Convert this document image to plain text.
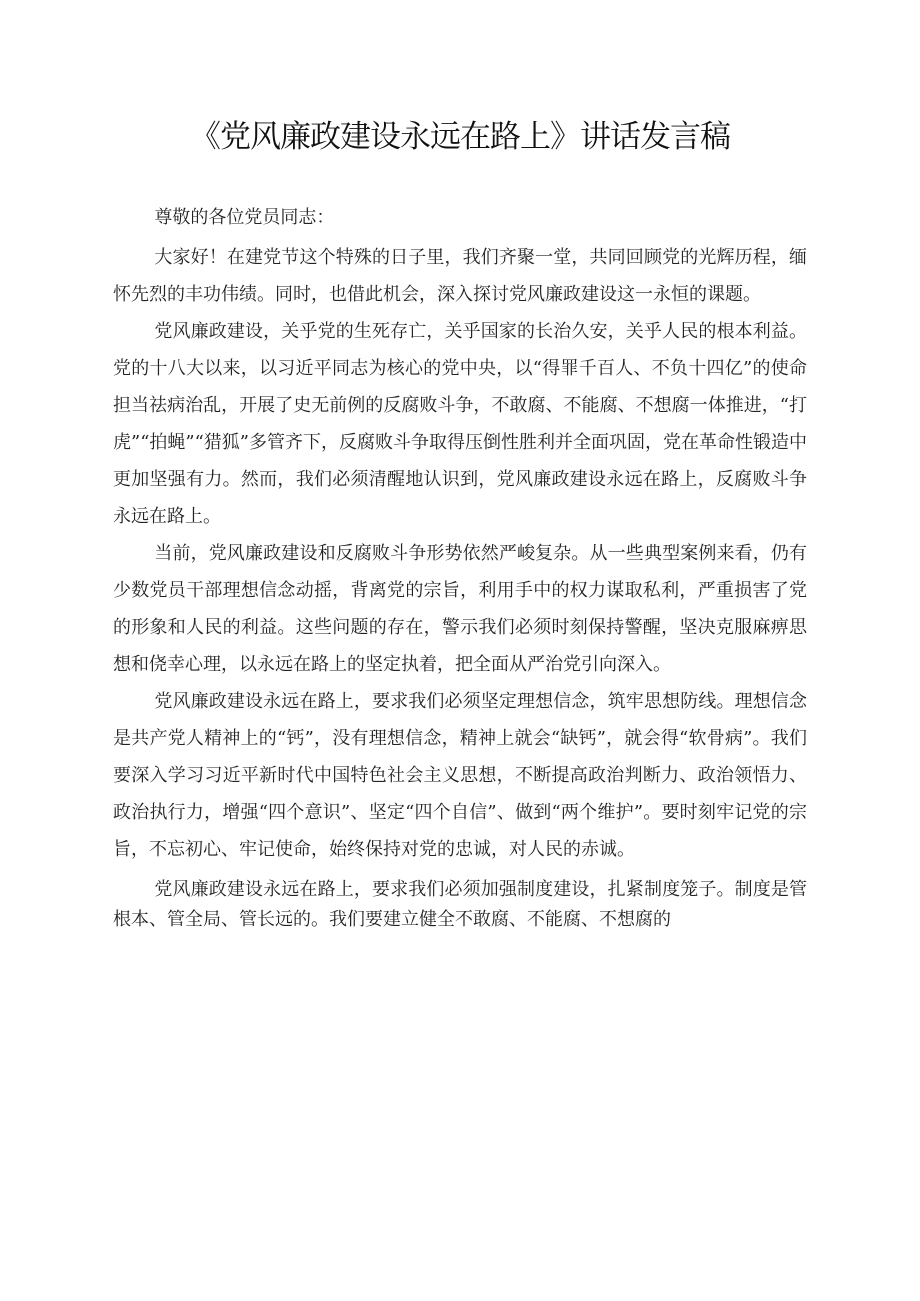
《党风廉政建设永远在路上》讲话发言稿

尊敬的各位党员同志：

大家好！在建党节这个特殊的日子里，我们齐聚一堂，共同回顾党的光辉历程，缅怀先烈的丰功伟绩。同时，也借此机会，深入探讨党风廉政建设这一永恒的课题。

党风廉政建设，关乎党的生死存亡，关乎国家的长治久安，关乎人民的根本利益。党的十八大以来，以习近平同志为核心的党中央，以“得罪千百人、不负十四亿”的使命担当祛病治乱，开展了史无前例的反腐败斗争，不敢腐、不能腐、不想腐一体推进，“打虎”“拍蝇”“猎狐”多管齐下，反腐败斗争取得压倒性胜利并全面巩固，党在革命性锻造中更加坚强有力。然而，我们必须清醒地认识到，党风廉政建设永远在路上，反腐败斗争永远在路上。

当前，党风廉政建设和反腐败斗争形势依然严峻复杂。从一些典型案例来看，仍有少数党员干部理想信念动摇，背离党的宗旨，利用手中的权力谋取私利，严重损害了党的形象和人民的利益。这些问题的存在，警示我们必须时刻保持警醒，坚决克服麻痹思想和侥幸心理，以永远在路上的坚定执着，把全面从严治党引向深入。

党风廉政建设永远在路上，要求我们必须坚定理想信念，筑牢思想防线。理想信念是共产党人精神上的“钙”，没有理想信念，精神上就会“缺钙”，就会得“软骨病”。我们要深入学习习近平新时代中国特色社会主义思想，不断提高政治判断力、政治领悟力、政治执行力，增强“四个意识”、坚定“四个自信”、做到“两个维护”。要时刻牢记党的宗旨，不忘初心、牢记使命，始终保持对党的忠诚，对人民的赤诚。

党风廉政建设永远在路上，要求我们必须加强制度建设，扎紧制度笼子。制度是管根本、管全局、管长远的。我们要建立健全不敢腐、不能腐、不想腐的
